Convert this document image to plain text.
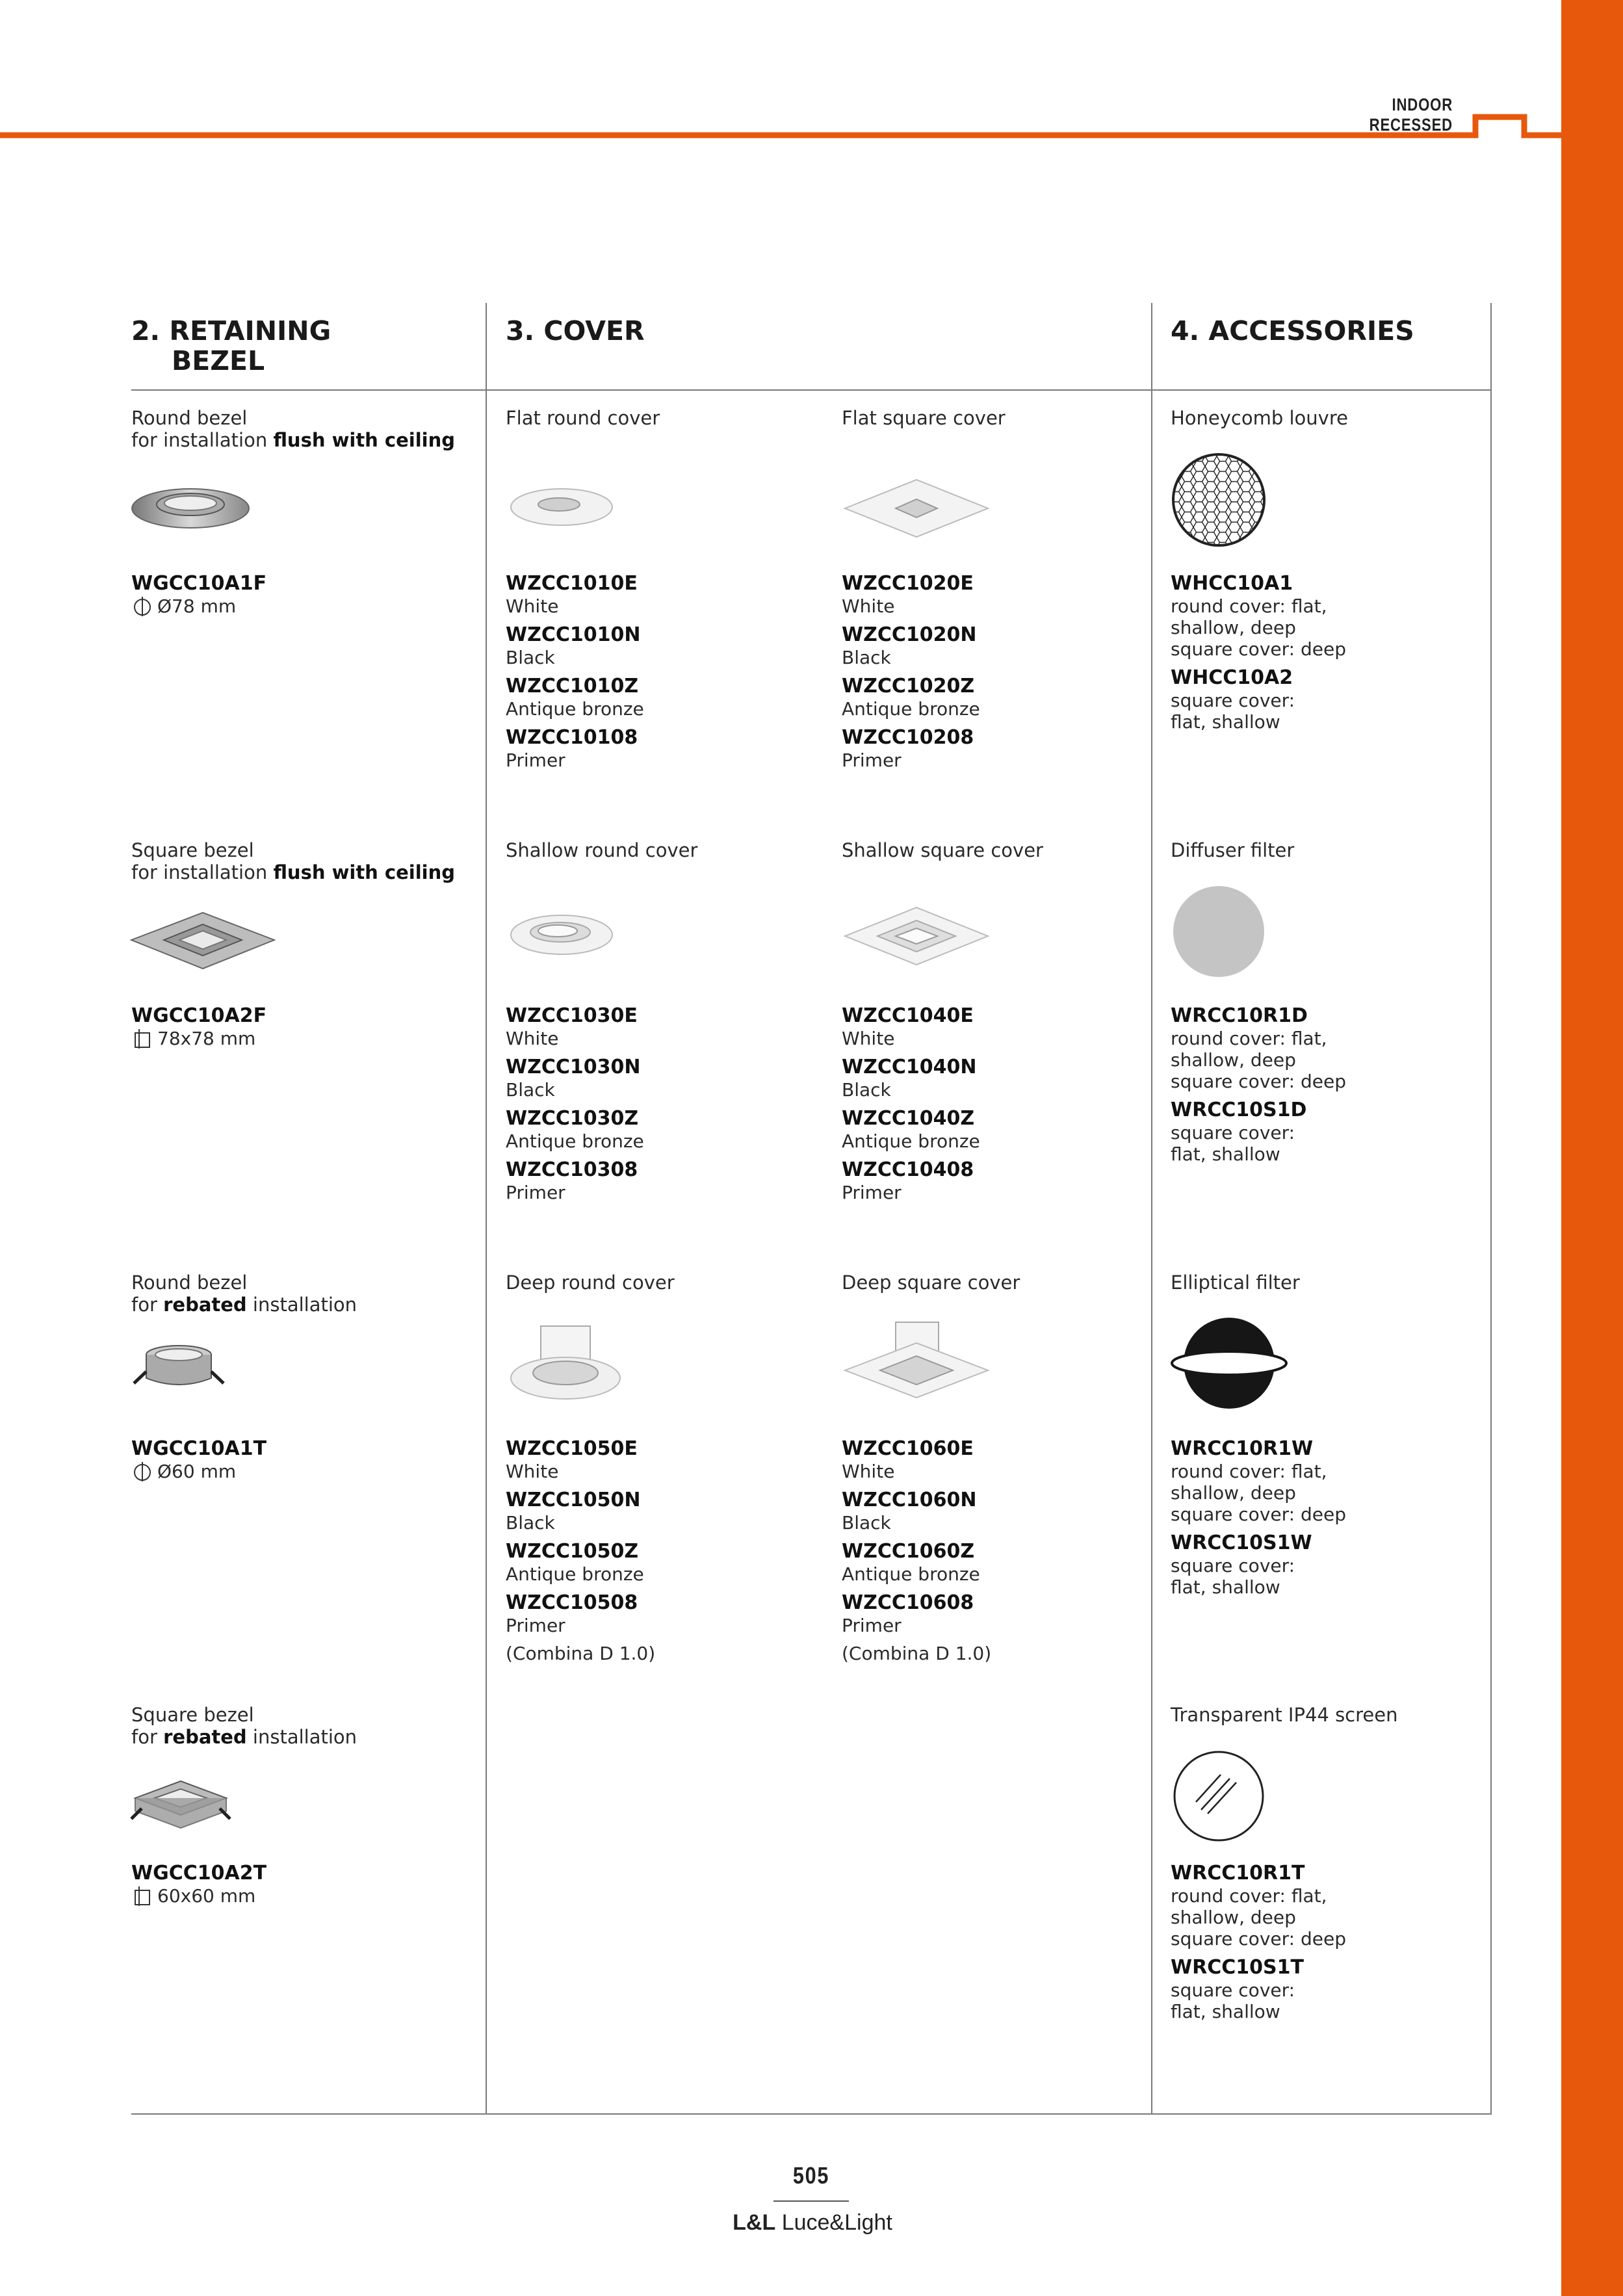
INDOOR RECESSED
2. RETAINING
BEZEL
3. COVER	4. ACCESSORIES
Round bezel
for installation flush with ceiling
WGCC10A1F
Ø78 mm
Square bezel
for installation flush with ceiling
WGCC10A2F
78x78 mm
Round bezel
for rebated installation
WGCC10A1T
Ø60 mm
Square bezel
for rebated installation
WGCC10A2T
60x60 mm
Flat round cover
WZCC1010E
White
WZCC1010N
Black
WZCC1010Z
Antique bronze
WZCC10108
Primer
Flat square cover
WZCC1020E
White
WZCC1020N
Black
WZCC1020Z
Antique bronze
WZCC10208
Primer
Shallow round cover
WZCC1030E
White
WZCC1030N
Black
WZCC1030Z
Antique bronze
WZCC10308
Primer
Shallow square cover
WZCC1040E
White
WZCC1040N
Black
WZCC1040Z
Antique bronze
WZCC10408
Primer
Deep round cover
WZCC1050E
White
WZCC1050N
Black
WZCC1050Z
Antique bronze
WZCC10508
Primer
(Combina D 1.0)
Deep square cover
WZCC1060E
White
WZCC1060N
Black
WZCC1060Z
Antique bronze
WZCC10608
Primer
(Combina D 1.0)
Honeycomb louvre
WHCC10A1
round cover: flat,
shallow, deep
square cover: deep
WHCC10A2
square cover:
flat, shallow
Diffuser filter
WRCC10R1D
round cover: flat,
shallow, deep
square cover: deep
WRCC10S1D
square cover:
flat, shallow
Elliptical filter
WRCC10R1W
round cover: flat,
shallow, deep
square cover: deep
WRCC10S1W
square cover:
flat, shallow
Transparent IP44 screen
WRCC10R1T
round cover: flat,
shallow, deep
square cover: deep
WRCC10S1T
square cover:
flat, shallow
505
L&L Luce&Light
